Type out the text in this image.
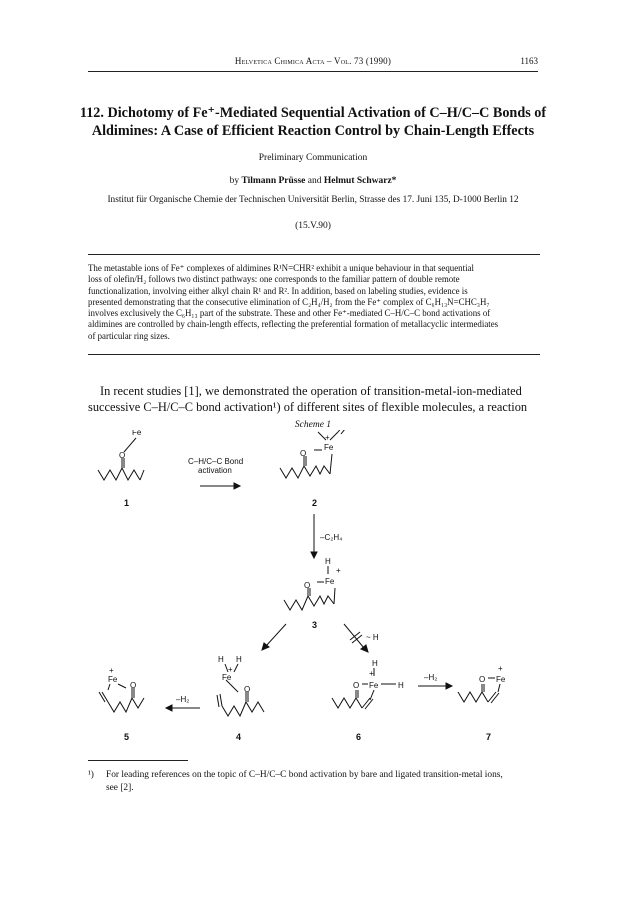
Helvetica Chimica Acta – Vol. 73 (1990)	1163
112. Dichotomy of Fe⁺-Mediated Sequential Activation of C–H/C–C Bonds of
Aldimines: A Case of Efficient Reaction Control by Chain-Length Effects
Preliminary Communication
by Tilmann Prüsse and Helmut Schwarz*
Institut für Organische Chemie der Technischen Universität Berlin, Strasse des 17. Juni 135, D-1000 Berlin 12
(15.V.90)
The metastable ions of Fe⁺ complexes of aldimines R¹N=CHR² exhibit a unique behaviour in that sequential
loss of olefin/H₂ follows two distinct pathways: one corresponds to the familiar pattern of double remote
functionalization, involving either alkyl chain R¹ and R². In addition, based on labeling studies, evidence is
presented demonstrating that the consecutive elimination of C₂H₄/H₂ from the Fe⁺ complex of C₆H₁₃N=CHC₃H₇
involves exclusively the C₆H₁₃ part of the substrate. These and other Fe⁺-mediated C–H/C–C bond activations of
aldimines are controlled by chain-length effects, reflecting the preferential formation of metallacyclic intermediates
of particular ring sizes.
In recent studies [1], we demonstrated the operation of transition-metal-ion-mediated
successive C–H/C–C bond activation¹) of different sites of flexible molecules, a reaction
Scheme 1
O
Fe
1
C–H/C–C Bond
activation
O
Fe
+
2
–C₂H₄
O Fe
+
H
3
~ H
O
Fe
+
5
–H₂
O
Fe
+
H H
4
O Fe
+
H
H
6
–H₂	O Fe
+
7
¹) For leading references on the topic of C–H/C–C bond activation by bare and ligated transition-metal ions,
see [2].
